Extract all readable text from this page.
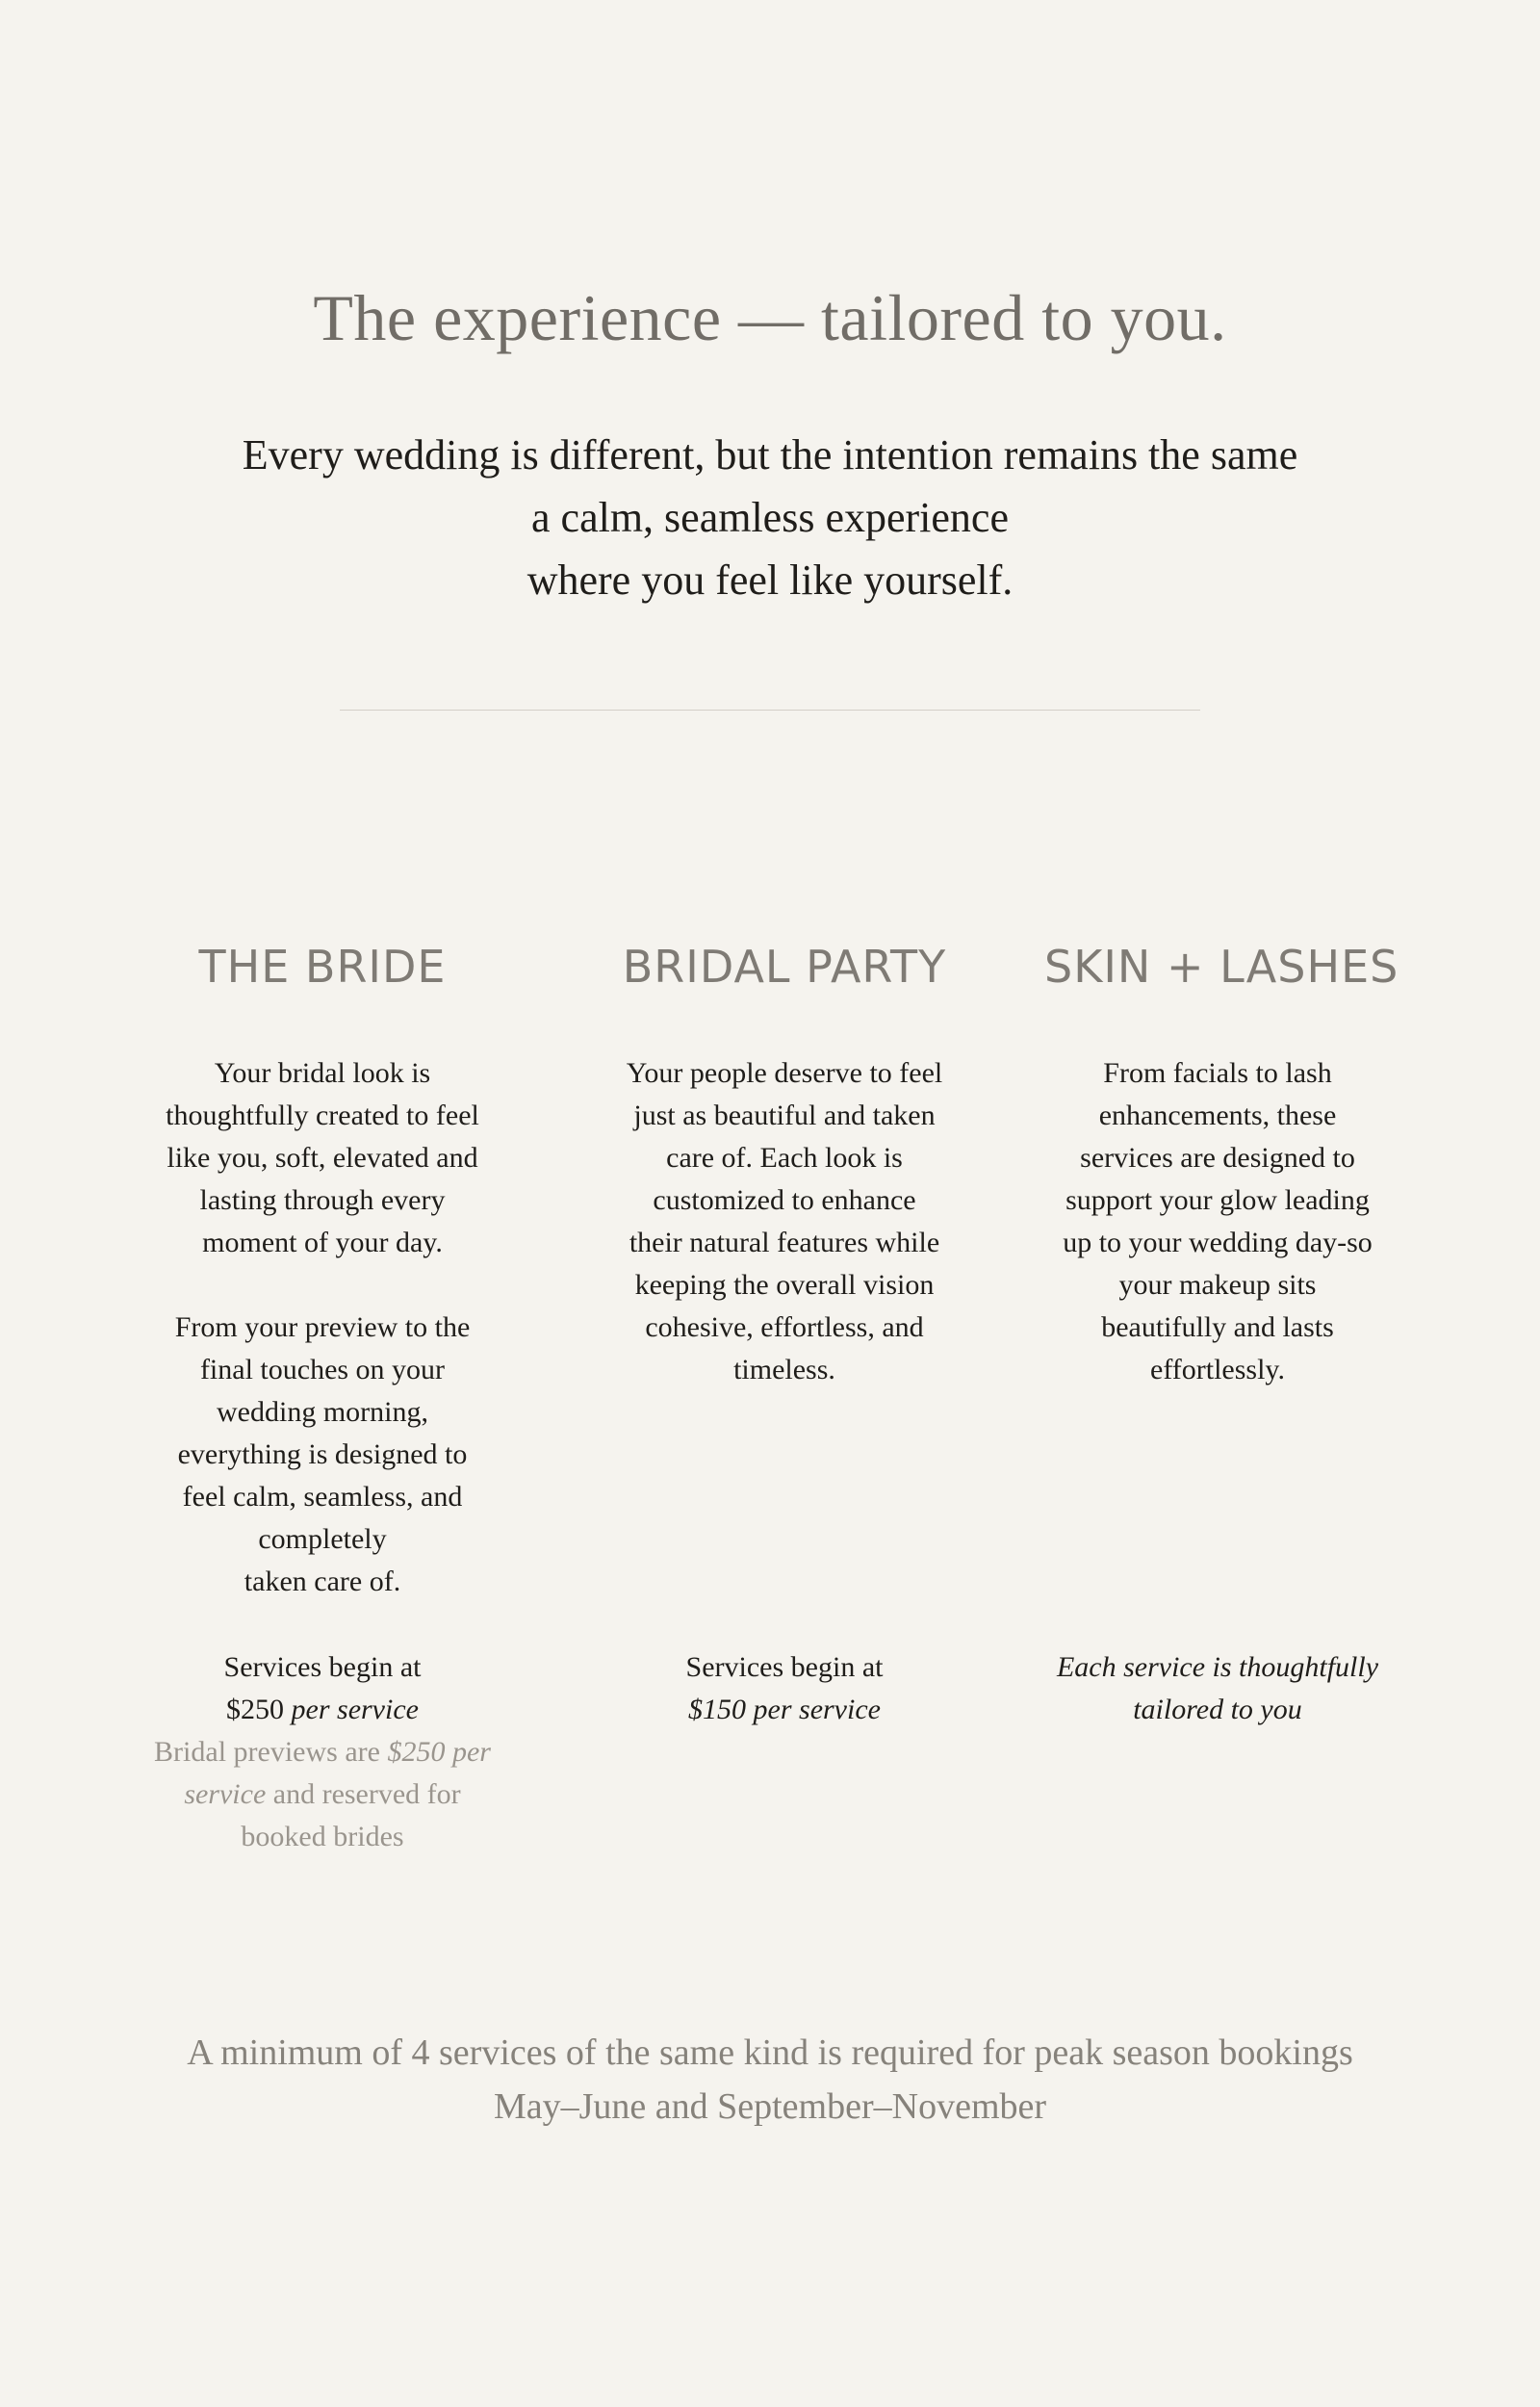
The experience — tailored to you.
Every wedding is different, but the intention remains the same
a calm, seamless experience
where you feel like yourself.
THE BRIDE
Your bridal look is
thoughtfully created to feel
like you, soft, elevated and
lasting through every
moment of your day.
From your preview to the
final touches on your
wedding morning,
everything is designed to
feel calm, seamless, and
completely
taken care of.
Services begin at
$250 per service
Bridal previews are $250 per
service and reserved for
booked brides
BRIDAL PARTY
Your people deserve to feel
just as beautiful and taken
care of. Each look is
customized to enhance
their natural features while
keeping the overall vision
cohesive, effortless, and
timeless.
Services begin at
$150 per service
SKIN + LASHES
From facials to lash
enhancements, these
services are designed to
support your glow leading
up to your wedding day-so
your makeup sits
beautifully and lasts
effortlessly.
Each service is thoughtfully
tailored to you
A minimum of 4 services of the same kind is required for peak season bookings
May–June and September–November
